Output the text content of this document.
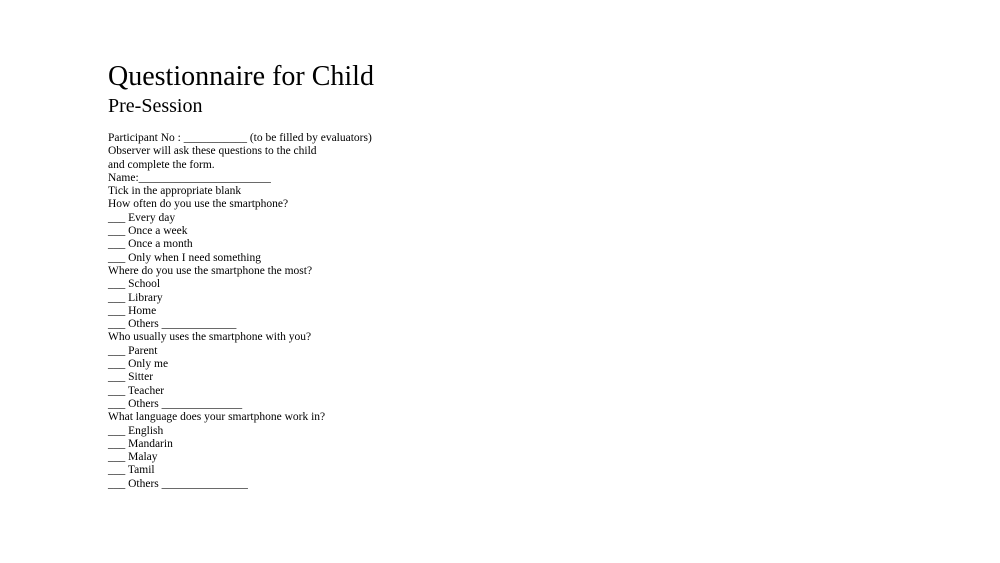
Questionnaire for Child
Pre-Session
Participant No : ___________ (to be filled by evaluators)
Observer will ask these questions to the child
and complete the form.
Name:_______________________
Tick in the appropriate blank
How often do you use the smartphone?
___ Every day
___ Once a week
___ Once a month
___ Only when I need something
Where do you use the smartphone the most?
___ School
___ Library
___ Home
___ Others _____________
Who usually uses the smartphone with you?
___ Parent
___ Only me
___ Sitter
___ Teacher
___ Others ______________
What language does your smartphone work in?
___ English
___ Mandarin
___ Malay
___ Tamil
___ Others _______________
